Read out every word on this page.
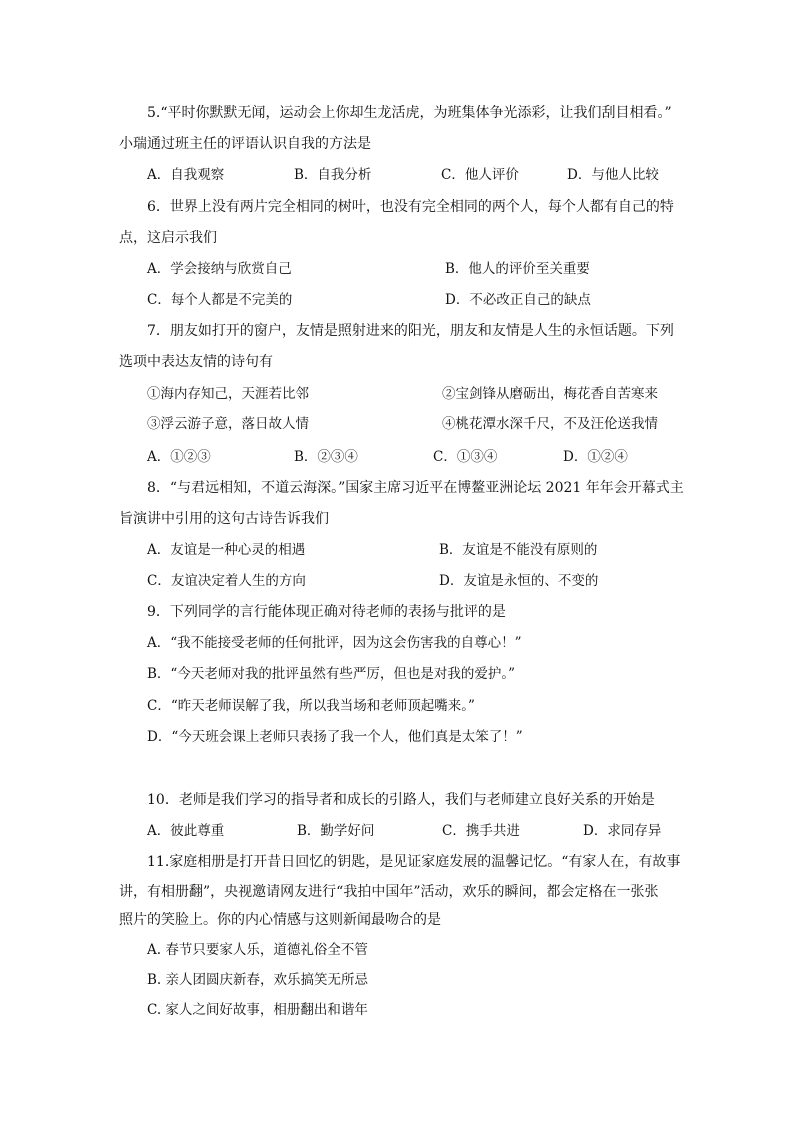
5.“平时你默默无闻，运动会上你却生龙活虎，为班集体争光添彩，让我们刮目相看。”
小瑞通过班主任的评语认识自我的方法是
A．自我观察	B．自我分析	C．他人评价	D．与他人比较
6．世界上没有两片完全相同的树叶，也没有完全相同的两个人，每个人都有自己的特
点，这启示我们
A．学会接纳与欣赏自己	B．他人的评价至关重要
C．每个人都是不完美的	D．不必改正自己的缺点
7．朋友如打开的窗户，友情是照射进来的阳光，朋友和友情是人生的永恒话题。下列
选项中表达友情的诗句有
①海内存知己，天涯若比邻	②宝剑锋从磨砺出，梅花香自苦寒来
③浮云游子意，落日故人情	④桃花潭水深千尺，不及汪伦送我情
A．①②③	B．②③④	C．①③④	D．①②④
8．“与君远相知，不道云海深。”国家主席习近平在博鳌亚洲论坛 2021 年年会开幕式主
旨演讲中引用的这句古诗告诉我们
A．友谊是一种心灵的相遇	B．友谊是不能没有原则的
C．友谊决定着人生的方向	D．友谊是永恒的、不变的
9．下列同学的言行能体现正确对待老师的表扬与批评的是
A．“我不能接受老师的任何批评，因为这会伤害我的自尊心！”
B．“今天老师对我的批评虽然有些严厉，但也是对我的爱护。”
C．“昨天老师误解了我，所以我当场和老师顶起嘴来。”
D．“今天班会课上老师只表扬了我一个人，他们真是太笨了！”
10．老师是我们学习的指导者和成长的引路人，我们与老师建立良好关系的开始是
A．彼此尊重	B．勤学好问	C．携手共进	D．求同存异
11.家庭相册是打开昔日回忆的钥匙，是见证家庭发展的温馨记忆。“有家人在，有故事
讲，有相册翻”，央视邀请网友进行“我拍中国年”活动，欢乐的瞬间，都会定格在一张张
照片的笑脸上。你的内心情感与这则新闻最吻合的是
A. 春节只要家人乐，道德礼俗全不管
B. 亲人团圆庆新春，欢乐搞笑无所忌
C. 家人之间好故事，相册翻出和谐年
